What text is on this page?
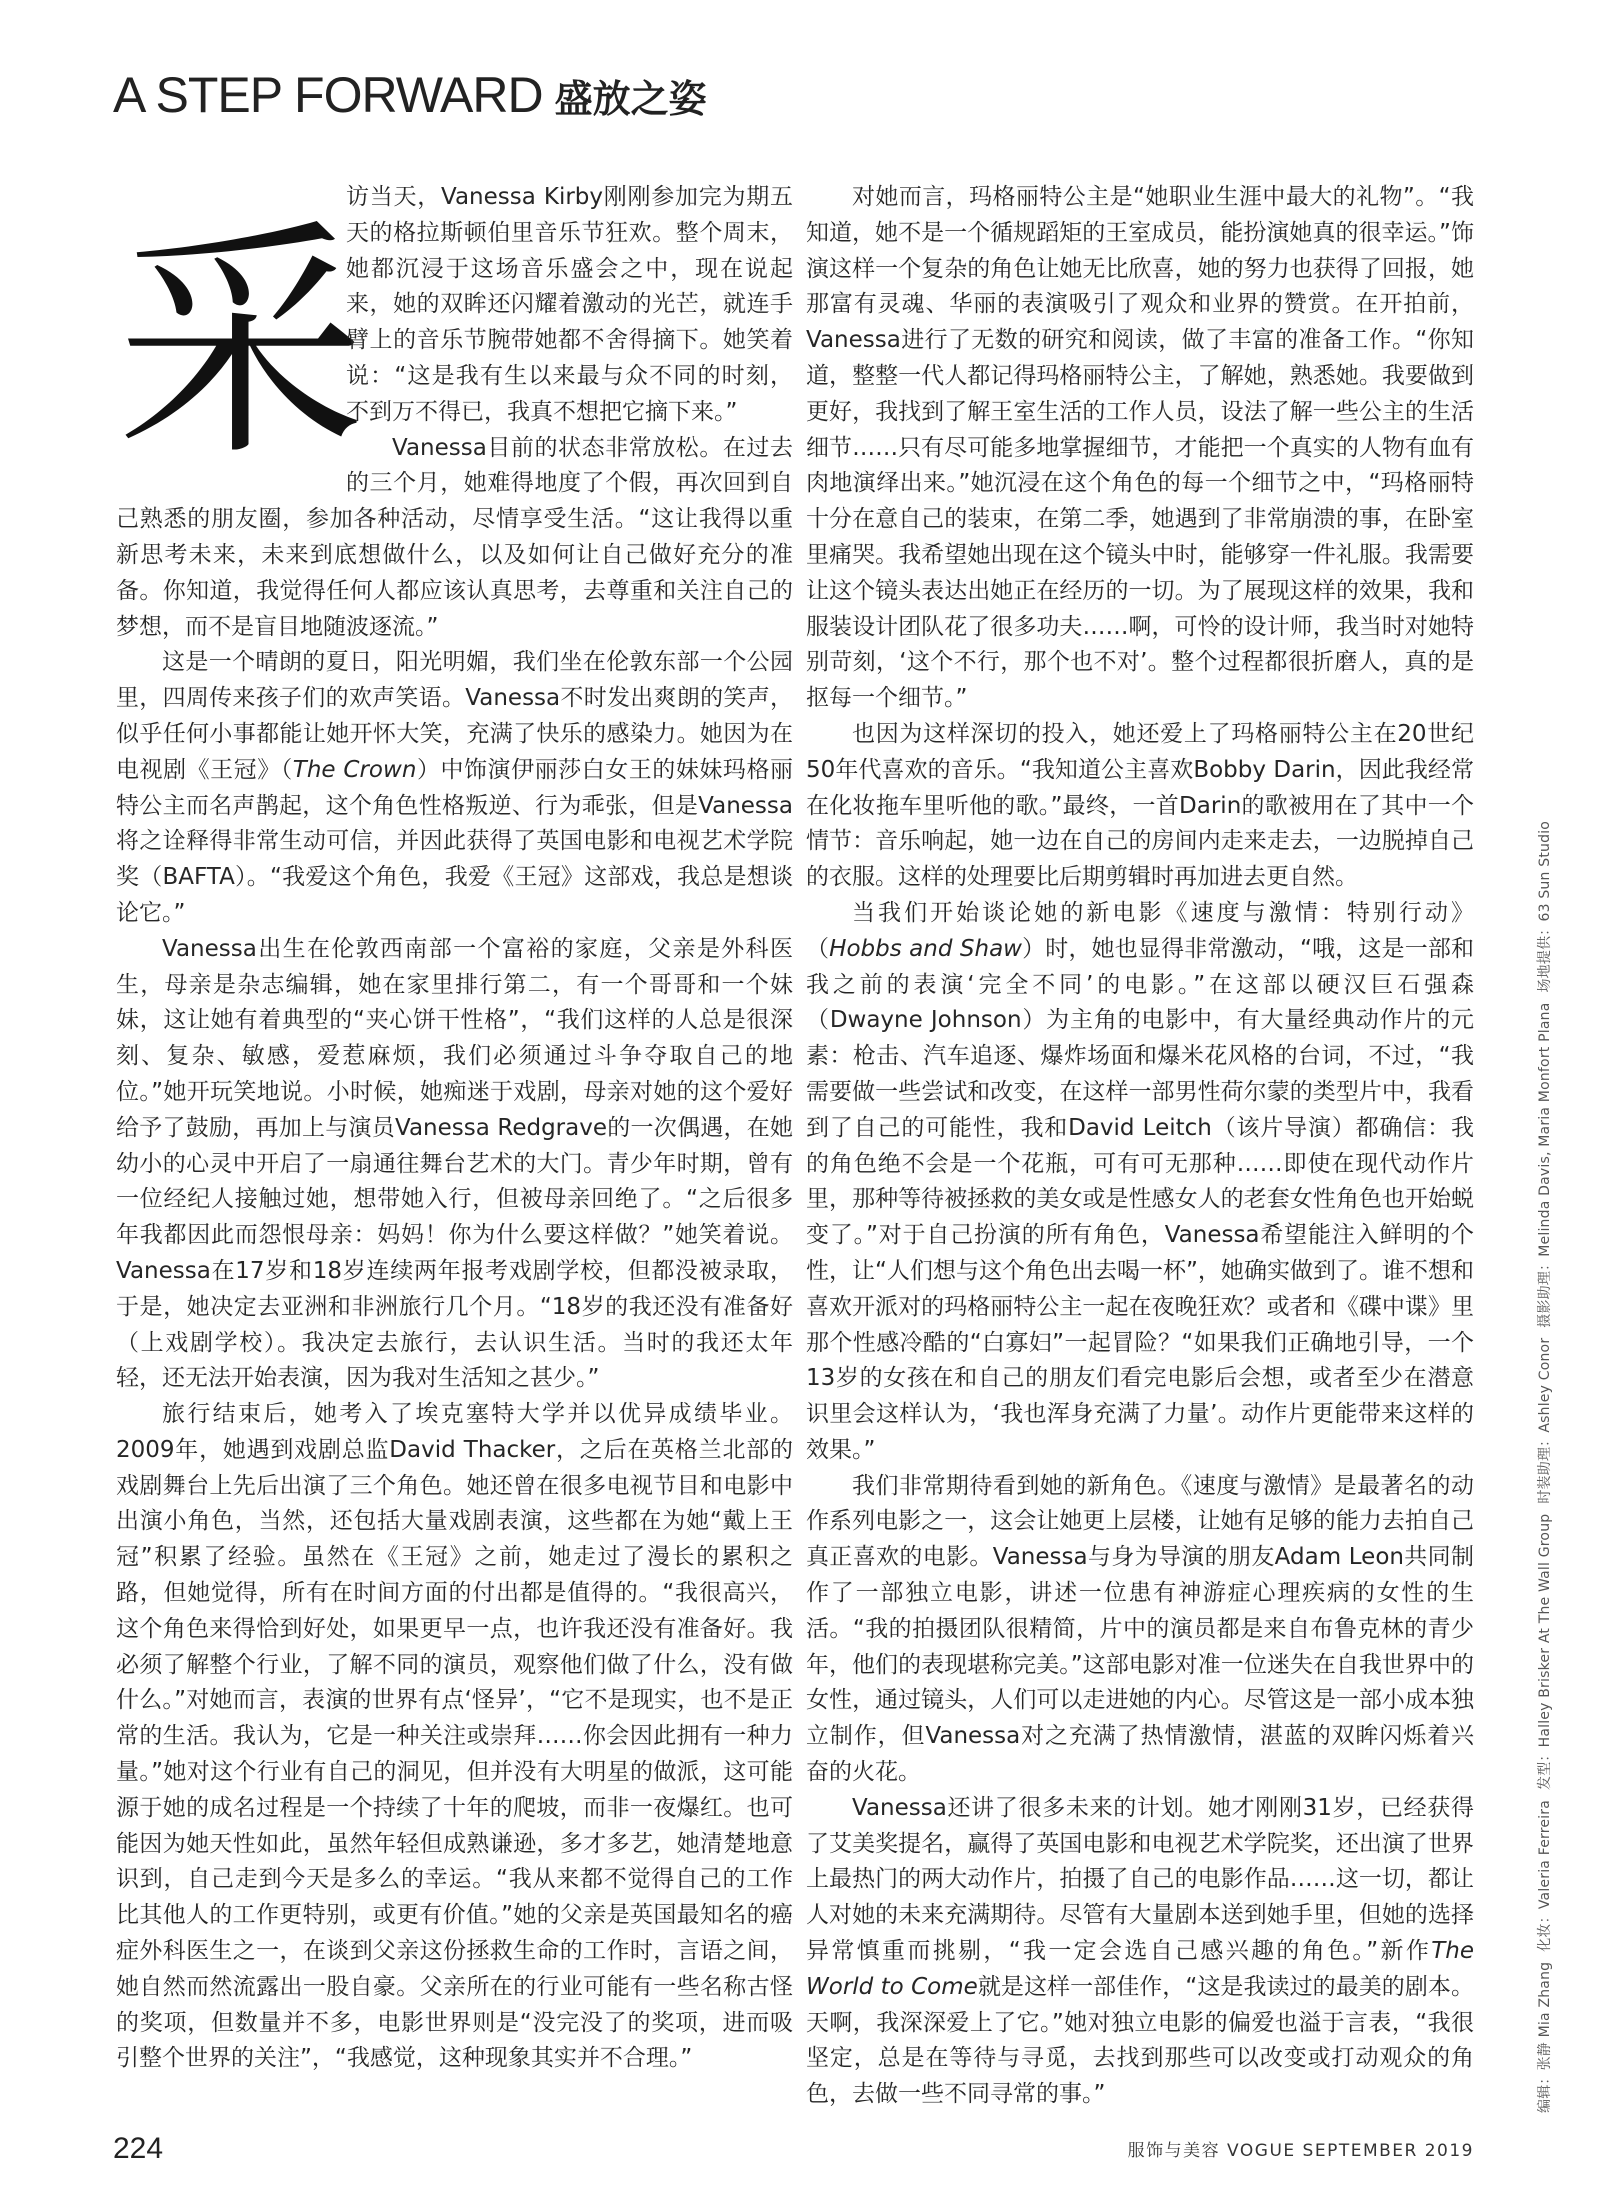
A STEP FORWARD 盛放之姿
采

访当天，Vanessa Kirby刚刚参加完为期五天的格拉斯顿伯里音乐节狂欢。整个周末，她都沉浸于这场音乐盛会之中，现在说起来，她的双眸还闪耀着激动的光芒，就连手臂上的音乐节腕带她都不舍得摘下。她笑着说：“这是我有生以来最与众不同的时刻，不到万不得已，我真不想把它摘下来。”

Vanessa目前的状态非常放松。在过去的三个月，她难得地度了个假，再次回到自己熟悉的朋友圈，参加各种活动，尽情享受生活。“这让我得以重新思考未来，未来到底想做什么，以及如何让自己做好充分的准备。你知道，我觉得任何人都应该认真思考，去尊重和关注自己的梦想，而不是盲目地随波逐流。”

这是一个晴朗的夏日，阳光明媚，我们坐在伦敦东部一个公园里，四周传来孩子们的欢声笑语。Vanessa不时发出爽朗的笑声，似乎任何小事都能让她开怀大笑，充满了快乐的感染力。她因为在电视剧《王冠》（The Crown）中饰演伊丽莎白女王的妹妹玛格丽特公主而名声鹊起，这个角色性格叛逆、行为乖张，但是Vanessa将之诠释得非常生动可信，并因此获得了英国电影和电视艺术学院奖（BAFTA）。“我爱这个角色，我爱《王冠》这部戏，我总是想谈论它。”

Vanessa出生在伦敦西南部一个富裕的家庭，父亲是外科医生，母亲是杂志编辑，她在家里排行第二，有一个哥哥和一个妹妹，这让她有着典型的“夹心饼干性格”，“我们这样的人总是很深刻、复杂、敏感，爱惹麻烦，我们必须通过斗争夺取自己的地位。”她开玩笑地说。小时候，她痴迷于戏剧，母亲对她的这个爱好给予了鼓励，再加上与演员Vanessa Redgrave的一次偶遇，在她幼小的心灵中开启了一扇通往舞台艺术的大门。青少年时期，曾有一位经纪人接触过她，想带她入行，但被母亲回绝了。“之后很多年我都因此而怨恨母亲：妈妈！你为什么要这样做？”她笑着说。Vanessa在17岁和18岁连续两年报考戏剧学校，但都没被录取，于是，她决定去亚洲和非洲旅行几个月。“18岁的我还没有准备好（上戏剧学校）。我决定去旅行，去认识生活。当时的我还太年轻，还无法开始表演，因为我对生活知之甚少。”

旅行结束后，她考入了埃克塞特大学并以优异成绩毕业。2009年，她遇到戏剧总监David Thacker，之后在英格兰北部的戏剧舞台上先后出演了三个角色。她还曾在很多电视节目和电影中出演小角色，当然，还包括大量戏剧表演，这些都在为她“戴上王冠”积累了经验。虽然在《王冠》之前，她走过了漫长的累积之路，但她觉得，所有在时间方面的付出都是值得的。“我很高兴，这个角色来得恰到好处，如果更早一点，也许我还没有准备好。我必须了解整个行业，了解不同的演员，观察他们做了什么，没有做什么。”对她而言，表演的世界有点‘怪异’，“它不是现实，也不是正常的生活。我认为，它是一种关注或崇拜……你会因此拥有一种力量。”她对这个行业有自己的洞见，但并没有大明星的做派，这可能源于她的成名过程是一个持续了十年的爬坡，而非一夜爆红。也可能因为她天性如此，虽然年轻但成熟谦逊，多才多艺，她清楚地意识到，自己走到今天是多么的幸运。“我从来都不觉得自己的工作比其他人的工作更特别，或更有价值。”她的父亲是英国最知名的癌症外科医生之一，在谈到父亲这份拯救生命的工作时，言语之间，她自然而然流露出一股自豪。父亲所在的行业可能有一些名称古怪的奖项，但数量并不多，电影世界则是“没完没了的奖项，进而吸引整个世界的关注”，“我感觉，这种现象其实并不合理。”

对她而言，玛格丽特公主是“她职业生涯中最大的礼物”。“我知道，她不是一个循规蹈矩的王室成员，能扮演她真的很幸运。”饰演这样一个复杂的角色让她无比欣喜，她的努力也获得了回报，她那富有灵魂、华丽的表演吸引了观众和业界的赞赏。在开拍前，Vanessa进行了无数的研究和阅读，做了丰富的准备工作。“你知道，整整一代人都记得玛格丽特公主，了解她，熟悉她。我要做到更好，我找到了解王室生活的工作人员，设法了解一些公主的生活细节……只有尽可能多地掌握细节，才能把一个真实的人物有血有肉地演绎出来。”她沉浸在这个角色的每一个细节之中，“玛格丽特十分在意自己的装束，在第二季，她遇到了非常崩溃的事，在卧室里痛哭。我希望她出现在这个镜头中时，能够穿一件礼服。我需要让这个镜头表达出她正在经历的一切。为了展现这样的效果，我和服装设计团队花了很多功夫……啊，可怜的设计师，我当时对她特别苛刻，‘这个不行，那个也不对’。整个过程都很折磨人，真的是抠每一个细节。”

也因为这样深切的投入，她还爱上了玛格丽特公主在20世纪50年代喜欢的音乐。“我知道公主喜欢Bobby Darin，因此我经常在化妆拖车里听他的歌。”最终，一首Darin的歌被用在了其中一个情节：音乐响起，她一边在自己的房间内走来走去，一边脱掉自己的衣服。这样的处理要比后期剪辑时再加进去更自然。

当我们开始谈论她的新电影《速度与激情：特别行动》（Hobbs and Shaw）时，她也显得非常激动，“哦，这是一部和我之前的表演‘完全不同’的电影。”在这部以硬汉巨石强森（Dwayne Johnson）为主角的电影中，有大量经典动作片的元素：枪击、汽车追逐、爆炸场面和爆米花风格的台词，不过，“我需要做一些尝试和改变，在这样一部男性荷尔蒙的类型片中，我看到了自己的可能性，我和David Leitch（该片导演）都确信：我的角色绝不会是一个花瓶，可有可无那种……即使在现代动作片里，那种等待被拯救的美女或是性感女人的老套女性角色也开始蜕变了。”对于自己扮演的所有角色，Vanessa希望能注入鲜明的个性，让“人们想与这个角色出去喝一杯”，她确实做到了。谁不想和喜欢开派对的玛格丽特公主一起在夜晚狂欢？或者和《碟中谍》里那个性感冷酷的“白寡妇”一起冒险？“如果我们正确地引导，一个13岁的女孩在和自己的朋友们看完电影后会想，或者至少在潜意识里会这样认为，‘我也浑身充满了力量’。动作片更能带来这样的效果。”

我们非常期待看到她的新角色。《速度与激情》是最著名的动作系列电影之一，这会让她更上层楼，让她有足够的能力去拍自己真正喜欢的电影。Vanessa与身为导演的朋友Adam Leon共同制作了一部独立电影，讲述一位患有神游症心理疾病的女性的生活。“我的拍摄团队很精简，片中的演员都是来自布鲁克林的青少年，他们的表现堪称完美。”这部电影对准一位迷失在自我世界中的女性，通过镜头，人们可以走进她的内心。尽管这是一部小成本独立制作，但Vanessa对之充满了热情激情，湛蓝的双眸闪烁着兴奋的火花。

Vanessa还讲了很多未来的计划。她才刚刚31岁，已经获得了艾美奖提名，赢得了英国电影和电视艺术学院奖，还出演了世界上最热门的两大动作片，拍摄了自己的电影作品……这一切，都让人对她的未来充满期待。尽管有大量剧本送到她手里，但她的选择异常慎重而挑剔，“我一定会选自己感兴趣的角色。”新作The World to Come就是这样一部佳作，“这是我读过的最美的剧本。天啊，我深深爱上了它。”她对独立电影的偏爱也溢于言表，“我很坚定，总是在等待与寻觅，去找到那些可以改变或打动观众的角色，去做一些不同寻常的事。”	编辑：张静 Mia Zhang化妆：Valeria Ferreira发型：Halley Brisker At The Wall Group时装助理：Ashley Conor摄影助理：Melinda Davis, Maria Monfort Plana场地提供：63 Sun Studio
224	服饰与美容 VOGUE SEPTEMBER 2019
